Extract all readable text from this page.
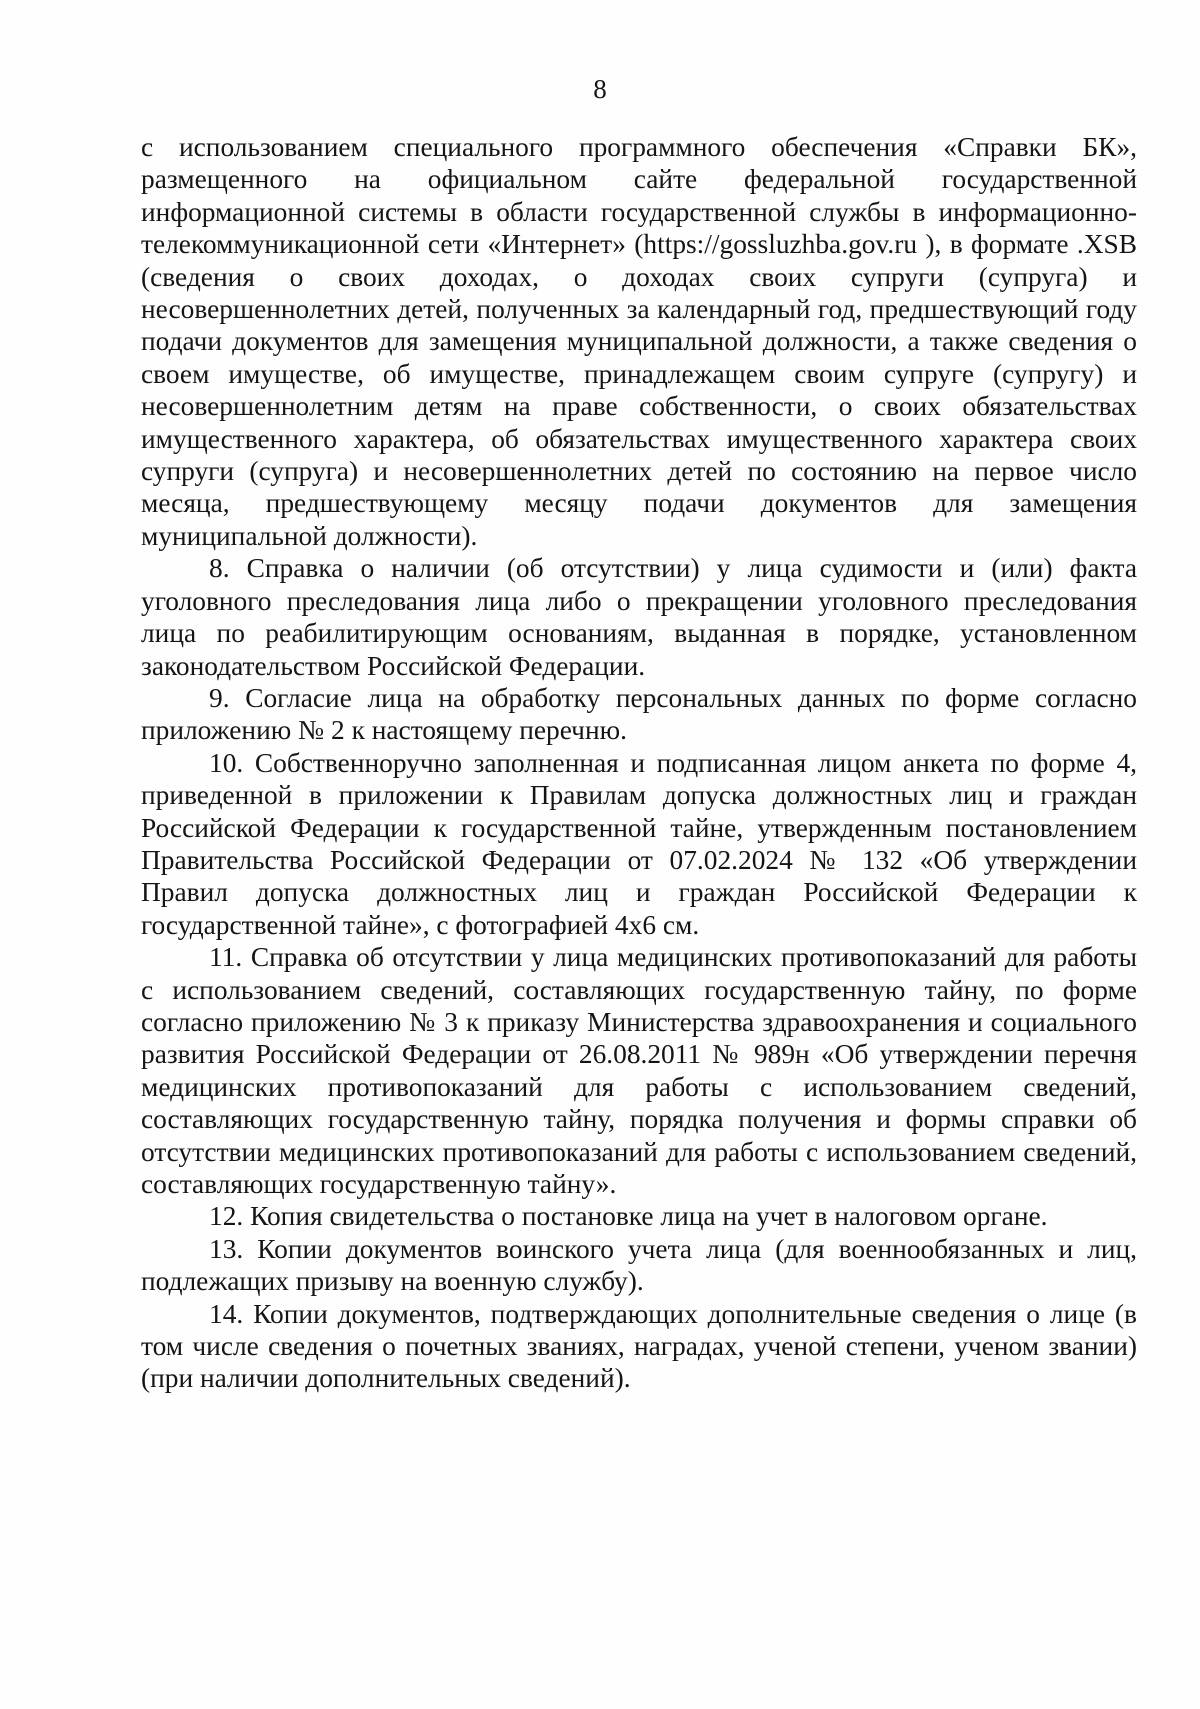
8

с использованием специального программного обеспечения «Справки БК», размещенного на официальном сайте федеральной государственной информационной системы в области государственной службы в информационно-телекоммуникационной сети «Интернет» (https://gossluzhba.gov.ru ), в формате .XSB (сведения о своих доходах, о доходах своих супруги (супруга) и несовершеннолетних детей, полученных за календарный год, предшествующий году подачи документов для замещения муниципальной должности, а также сведения о своем имуществе, об имуществе, принадлежащем своим супруге (супругу) и несовершеннолетним детям на праве собственности, о своих обязательствах имущественного характера, об обязательствах имущественного характера своих супруги (супруга) и несовершеннолетних детей по состоянию на первое число месяца, предшествующему месяцу подачи документов для замещения муниципальной должности).

8. Справка о наличии (об отсутствии) у лица судимости и (или) факта уголовного преследования лица либо о прекращении уголовного преследования лица по реабилитирующим основаниям, выданная в порядке, установленном законодательством Российской Федерации.

9. Согласие лица на обработку персональных данных по форме согласно приложению № 2 к настоящему перечню.

10. Собственноручно заполненная и подписанная лицом анкета по форме 4, приведенной в приложении к Правилам допуска должностных лиц и граждан Российской Федерации к государственной тайне, утвержденным постановлением Правительства Российской Федерации от 07.02.2024 № 132 «Об утверждении Правил допуска должностных лиц и граждан Российской Федерации к государственной тайне», с фотографией 4х6 см.

11. Справка об отсутствии у лица медицинских противопоказаний для работы с использованием сведений, составляющих государственную тайну, по форме согласно приложению № 3 к приказу Министерства здравоохранения и социального развития Российской Федерации от 26.08.2011 № 989н «Об утверждении перечня медицинских противопоказаний для работы с использованием сведений, составляющих государственную тайну, порядка получения и формы справки об отсутствии медицинских противопоказаний для работы с использованием сведений, составляющих государственную тайну».

12. Копия свидетельства о постановке лица на учет в налоговом органе.

13. Копии документов воинского учета лица (для военнообязанных и лиц, подлежащих призыву на военную службу).

14. Копии документов, подтверждающих дополнительные сведения о лице (в том числе сведения о почетных званиях, наградах, ученой степени, ученом звании) (при наличии дополнительных сведений).
